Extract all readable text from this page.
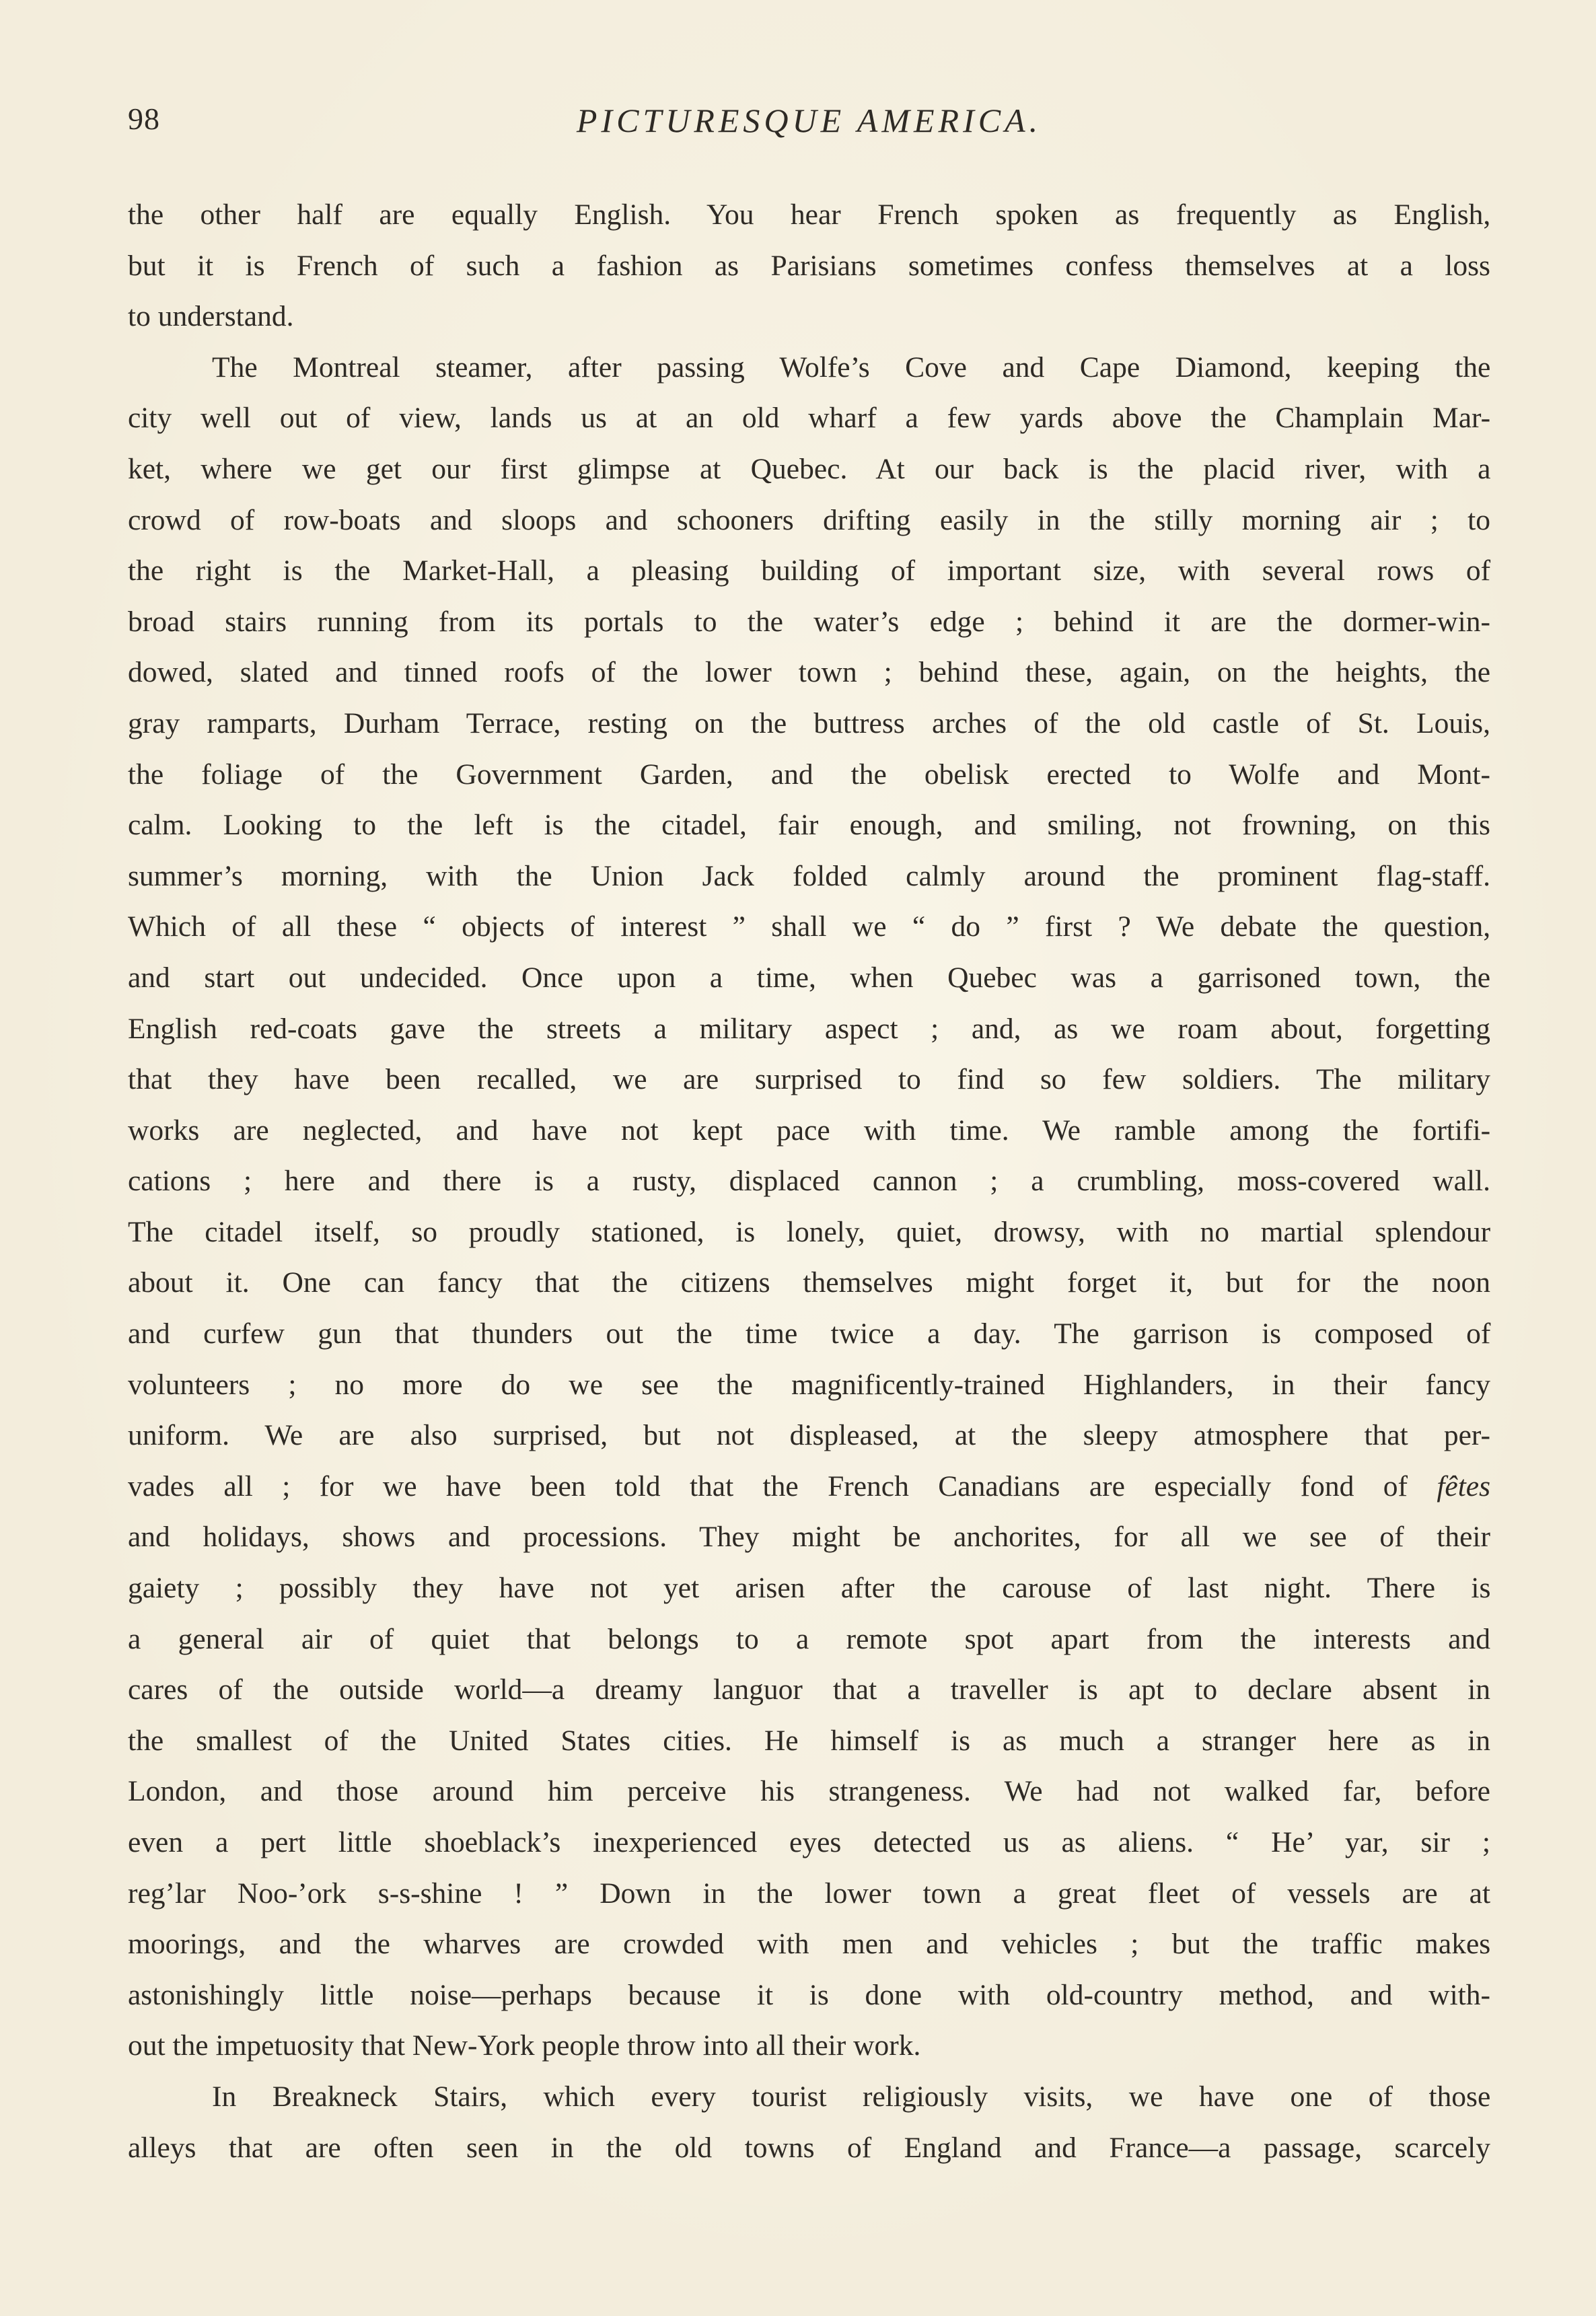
98	PICTURESQUE AMERICA.
the other half are equally English. You hear French spoken as frequently as English,
but it is French of such a fashion as Parisians sometimes confess themselves at a loss
to understand.
The Montreal steamer, after passing Wolfe’s Cove and Cape Diamond, keeping the
city well out of view, lands us at an old wharf a few yards above the Champlain Mar-
ket, where we get our first glimpse at Quebec. At our back is the placid river, with a
crowd of row-boats and sloops and schooners drifting easily in the stilly morning air ; to
the right is the Market-Hall, a pleasing building of important size, with several rows of
broad stairs running from its portals to the water’s edge ; behind it are the dormer-win-
dowed, slated and tinned roofs of the lower town ; behind these, again, on the heights, the
gray ramparts, Durham Terrace, resting on the buttress arches of the old castle of St. Louis,
the foliage of the Government Garden, and the obelisk erected to Wolfe and Mont-
calm. Looking to the left is the citadel, fair enough, and smiling, not frowning, on this
summer’s morning, with the Union Jack folded calmly around the prominent flag-staff.
Which of all these “ objects of interest ” shall we “ do ” first ? We debate the question,
and start out undecided. Once upon a time, when Quebec was a garrisoned town, the
English red-coats gave the streets a military aspect ; and, as we roam about, forgetting
that they have been recalled, we are surprised to find so few soldiers. The military
works are neglected, and have not kept pace with time. We ramble among the fortifi-
cations ; here and there is a rusty, displaced cannon ; a crumbling, moss-covered wall.
The citadel itself, so proudly stationed, is lonely, quiet, drowsy, with no martial splendour
about it. One can fancy that the citizens themselves might forget it, but for the noon
and curfew gun that thunders out the time twice a day. The garrison is composed of
volunteers ; no more do we see the magnificently-trained Highlanders, in their fancy
uniform. We are also surprised, but not displeased, at the sleepy atmosphere that per-
vades all ; for we have been told that the French Canadians are especially fond of fêtes
and holidays, shows and processions. They might be anchorites, for all we see of their
gaiety ; possibly they have not yet arisen after the carouse of last night. There is
a general air of quiet that belongs to a remote spot apart from the interests and
cares of the outside world—a dreamy languor that a traveller is apt to declare absent in
the smallest of the United States cities. He himself is as much a stranger here as in
London, and those around him perceive his strangeness. We had not walked far, before
even a pert little shoeblack’s inexperienced eyes detected us as aliens. “ He’ yar, sir ;
reg’lar Noo-’ork s-s-shine ! ” Down in the lower town a great fleet of vessels are at
moorings, and the wharves are crowded with men and vehicles ; but the traffic makes
astonishingly little noise—perhaps because it is done with old-country method, and with-
out the impetuosity that New-York people throw into all their work.
In Breakneck Stairs, which every tourist religiously visits, we have one of those
alleys that are often seen in the old towns of England and France—a passage, scarcely
